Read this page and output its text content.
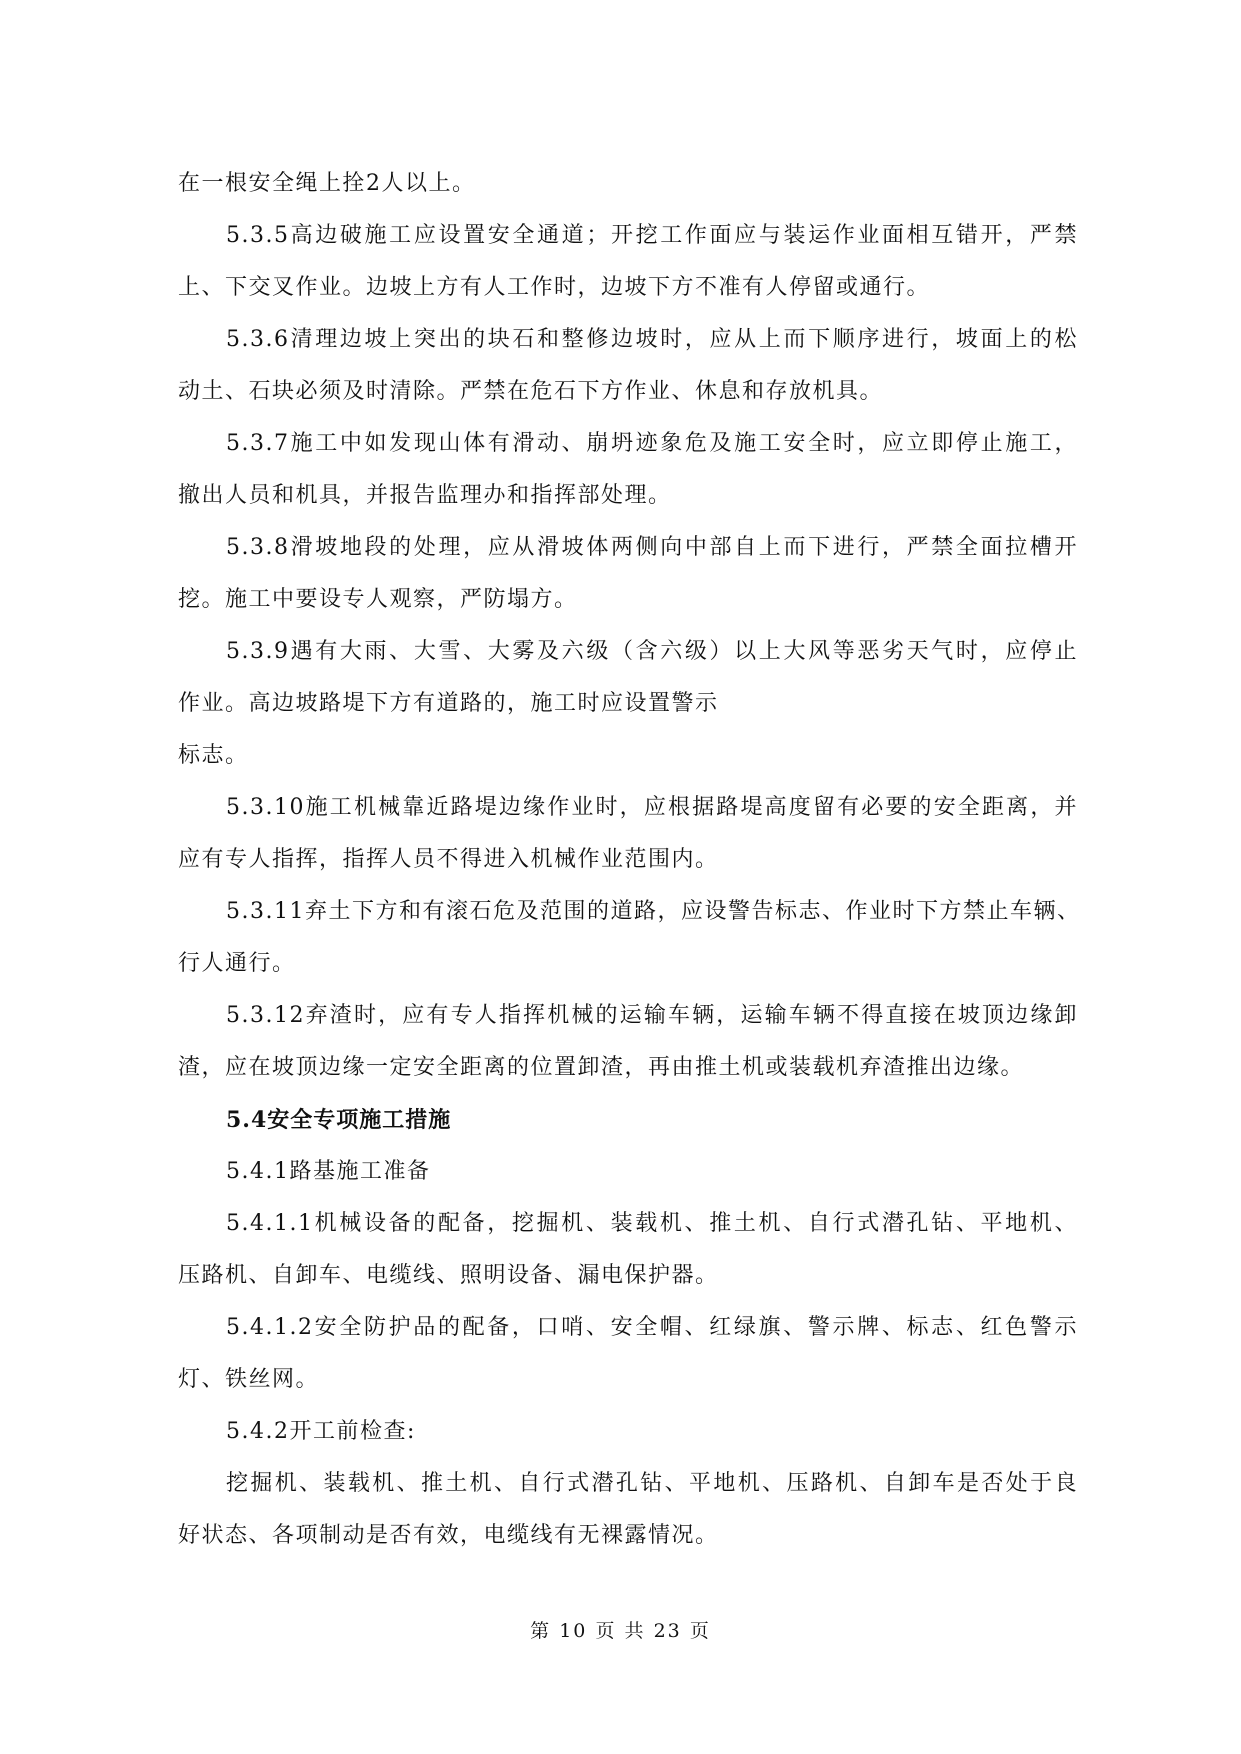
在一根安全绳上拴2人以上。
5.3.5高边破施工应设置安全通道；开挖工作面应与装运作业面相互错开，严禁
上、下交叉作业。边坡上方有人工作时，边坡下方不准有人停留或通行。
5.3.6清理边坡上突出的块石和整修边坡时，应从上而下顺序进行，坡面上的松
动土、石块必须及时清除。严禁在危石下方作业、休息和存放机具。
5.3.7施工中如发现山体有滑动、崩坍迹象危及施工安全时，应立即停止施工，
撤出人员和机具，并报告监理办和指挥部处理。
5.3.8滑坡地段的处理，应从滑坡体两侧向中部自上而下进行，严禁全面拉槽开
挖。施工中要设专人观察，严防塌方。
5.3.9遇有大雨、大雪、大雾及六级（含六级）以上大风等恶劣天气时，应停止
作业。高边坡路堤下方有道路的，施工时应设置警示
标志。
5.3.10施工机械靠近路堤边缘作业时，应根据路堤高度留有必要的安全距离，并
应有专人指挥，指挥人员不得进入机械作业范围内。
5.3.11弃土下方和有滚石危及范围的道路，应设警告标志、作业时下方禁止车辆、
行人通行。
5.3.12弃渣时，应有专人指挥机械的运输车辆，运输车辆不得直接在坡顶边缘卸
渣，应在坡顶边缘一定安全距离的位置卸渣，再由推土机或装载机弃渣推出边缘。
5.4安全专项施工措施
5.4.1路基施工准备
5.4.1.1机械设备的配备，挖掘机、装载机、推土机、自行式潜孔钻、平地机、
压路机、自卸车、电缆线、照明设备、漏电保护器。
5.4.1.2安全防护品的配备，口哨、安全帽、红绿旗、警示牌、标志、红色警示
灯、铁丝网。
5.4.2开工前检查:
挖掘机、装载机、推土机、自行式潜孔钻、平地机、压路机、自卸车是否处于良
好状态、各项制动是否有效，电缆线有无裸露情况。
第 10 页 共 23 页
